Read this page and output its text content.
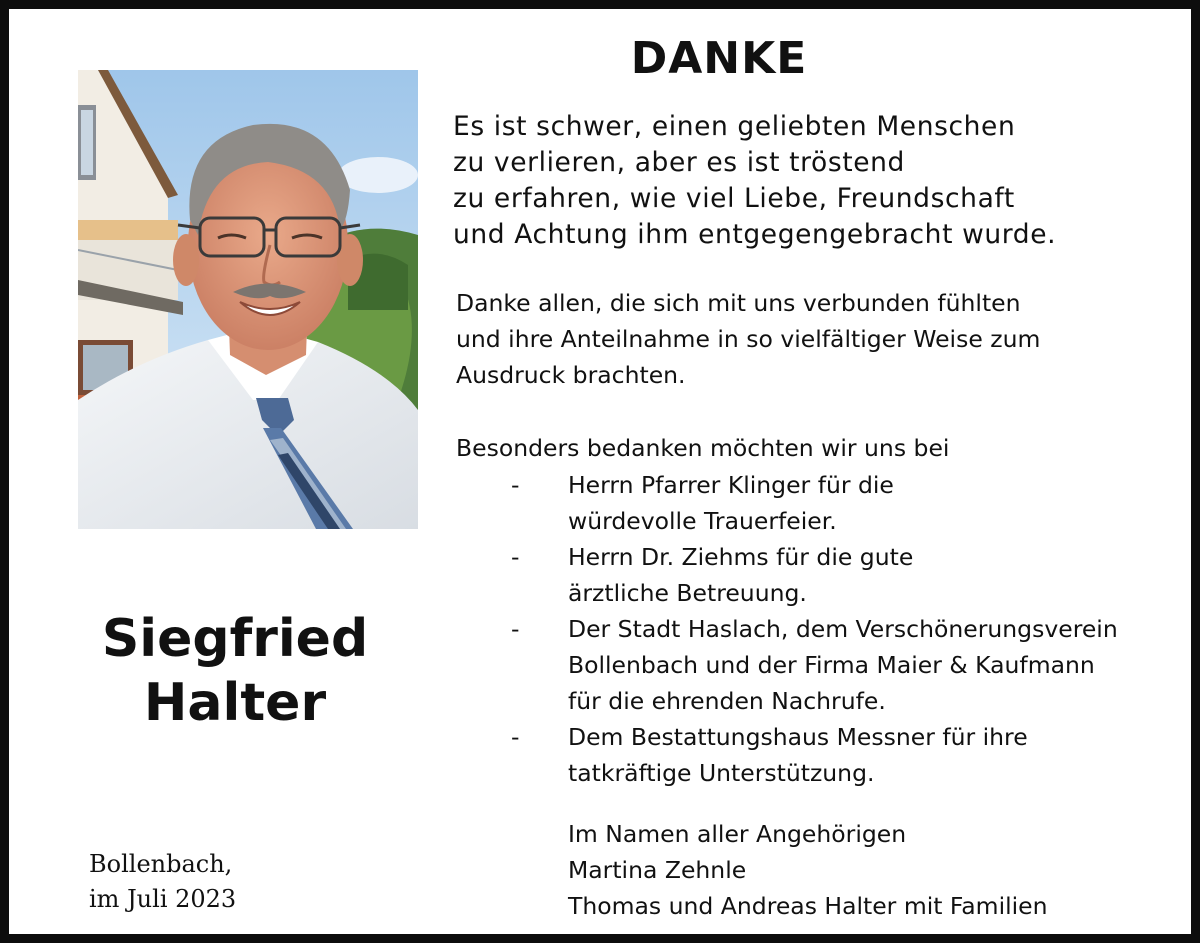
DANKE
Es ist schwer, einen geliebten Menschen
zu verlieren, aber es ist tröstend
zu erfahren, wie viel Liebe, Freundschaft
und Achtung ihm entgegengebracht wurde.
Danke allen, die sich mit uns verbunden fühlten
und ihre Anteilnahme in so vielfältiger Weise zum
Ausdruck brachten.
Besonders bedanken möchten wir uns bei
- Herrn Pfarrer Klinger für die
würdevolle Trauerfeier.
- Herrn Dr. Ziehms für die gute
ärztliche Betreuung.
- Der Stadt Haslach, dem Verschönerungsverein
Bollenbach und der Firma Maier & Kaufmann
für die ehrenden Nachrufe.
- Dem Bestattungshaus Messner für ihre
tatkräftige Unterstützung.
Im Namen aller Angehörigen
Martina Zehnle
Thomas und Andreas Halter mit Familien
Siegfried
Halter
Bollenbach,
im Juli 2023
